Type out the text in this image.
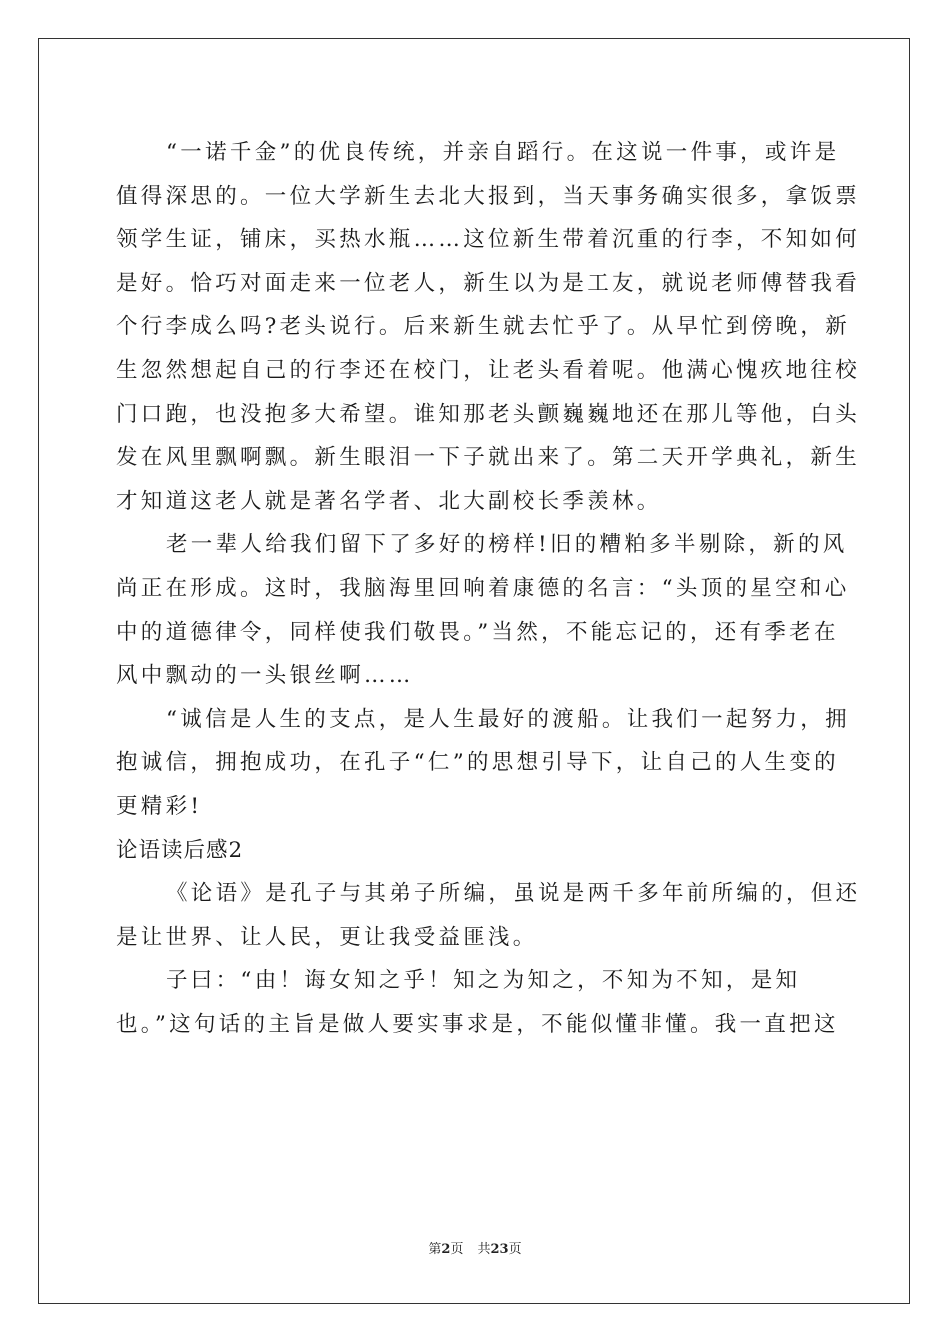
“一诺千金”的优良传统，并亲自蹈行。在这说一件事，或许是
值得深思的。一位大学新生去北大报到，当天事务确实很多，拿饭票
领学生证，铺床，买热水瓶……这位新生带着沉重的行李，不知如何
是好。恰巧对面走来一位老人，新生以为是工友，就说老师傅替我看
个行李成么吗?老头说行。后来新生就去忙乎了。从早忙到傍晚，新
生忽然想起自己的行李还在校门，让老头看着呢。他满心愧疚地往校
门口跑，也没抱多大希望。谁知那老头颤巍巍地还在那儿等他，白头
发在风里飘啊飘。新生眼泪一下子就出来了。第二天开学典礼，新生
才知道这老人就是著名学者、北大副校长季羡林。
老一辈人给我们留下了多好的榜样!旧的糟粕多半剔除，新的风
尚正在形成。这时，我脑海里回响着康德的名言：“头顶的星空和心
中的道德律令，同样使我们敬畏。”当然，不能忘记的，还有季老在
风中飘动的一头银丝啊……
“诚信是人生的支点，是人生最好的渡船。让我们一起努力，拥
抱诚信，拥抱成功，在孔子“仁”的思想引导下，让自己的人生变的
更精彩!
论语读后感2
《论语》是孔子与其弟子所编，虽说是两千多年前所编的，但还
是让世界、让人民，更让我受益匪浅。
子曰：“由！诲女知之乎！知之为知之，不知为不知，是知
也。”这句话的主旨是做人要实事求是，不能似懂非懂。我一直把这
第2页 共23页
